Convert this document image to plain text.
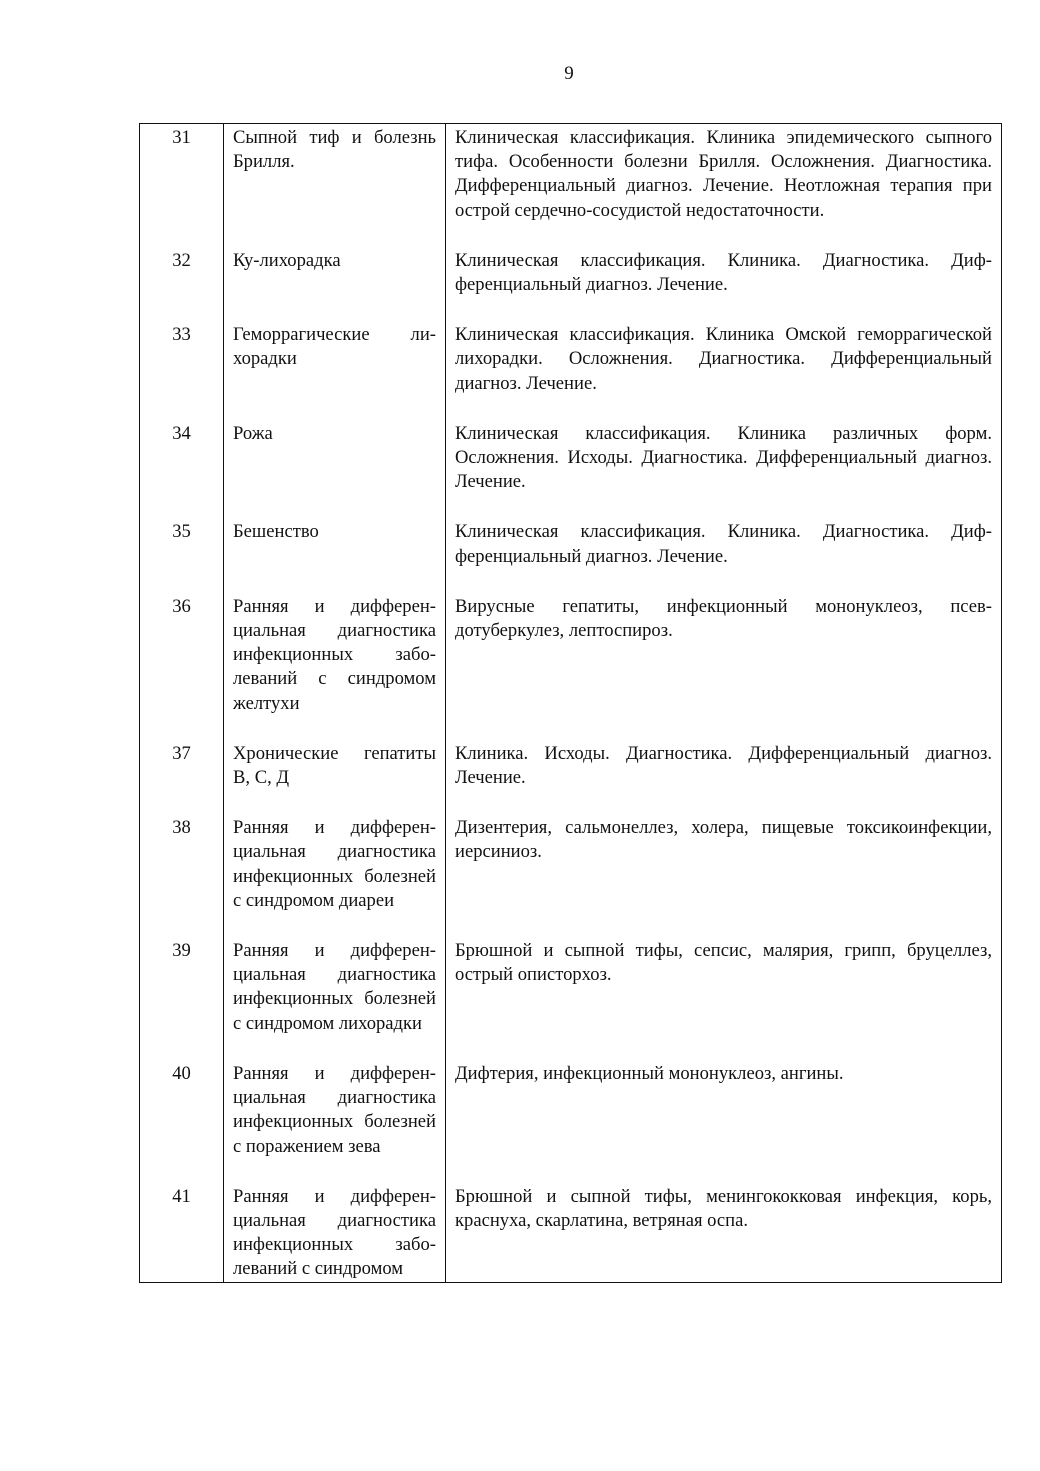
9
31	Сыпной тиф и болезнь Брилля.	Клиническая классификация. Клиника эпидемического сыпного тифа. Особенности болезни Брилля. Осложнения. Диагностика. Дифференциальный диагноз. Лечение. Неотложная терапия при острой сердечно-сосудистой недостаточности.
32	Ку-лихорадка	Клиническая классификация. Клиника. Диагностика. Дифференциальный диагноз. Лечение.
33	Геморрагические лихорадки	Клиническая классификация. Клиника Омской геморрагической лихорадки. Осложнения. Диагностика. Дифференциальный диагноз. Лечение.
34	Рожа	Клиническая классификация. Клиника различных форм. Осложнения. Исходы. Диагностика. Дифференциальный диагноз. Лечение.
35	Бешенство	Клиническая классификация. Клиника. Диагностика. Дифференциальный диагноз. Лечение.
36	Ранняя и дифференциальная диагностика инфекционных заболеваний с синдромом желтухи	Вирусные гепатиты, инфекционный мононуклеоз, псевдотуберкулез, лептоспироз.
37	Хронические гепатиты В, С, Д	Клиника. Исходы. Диагностика. Дифференциальный диагноз. Лечение.
38	Ранняя и дифференциальная диагностика инфекционных болезней с синдромом диареи	Дизентерия, сальмонеллез, холера, пищевые токсикоинфекции, иерсиниоз.
39	Ранняя и дифференциальная диагностика инфекционных болезней с синдромом лихорадки	Брюшной и сыпной тифы, сепсис, малярия, грипп, бруцеллез, острый описторхоз.
40	Ранняя и дифференциальная диагностика инфекционных болезней с поражением зева	Дифтерия, инфекционный мононуклеоз, ангины.
41	Ранняя и дифференциальная диагностика инфекционных заболеваний с синдромом	Брюшной и сыпной тифы, менингококковая инфекция, корь, краснуха, скарлатина, ветряная оспа.
